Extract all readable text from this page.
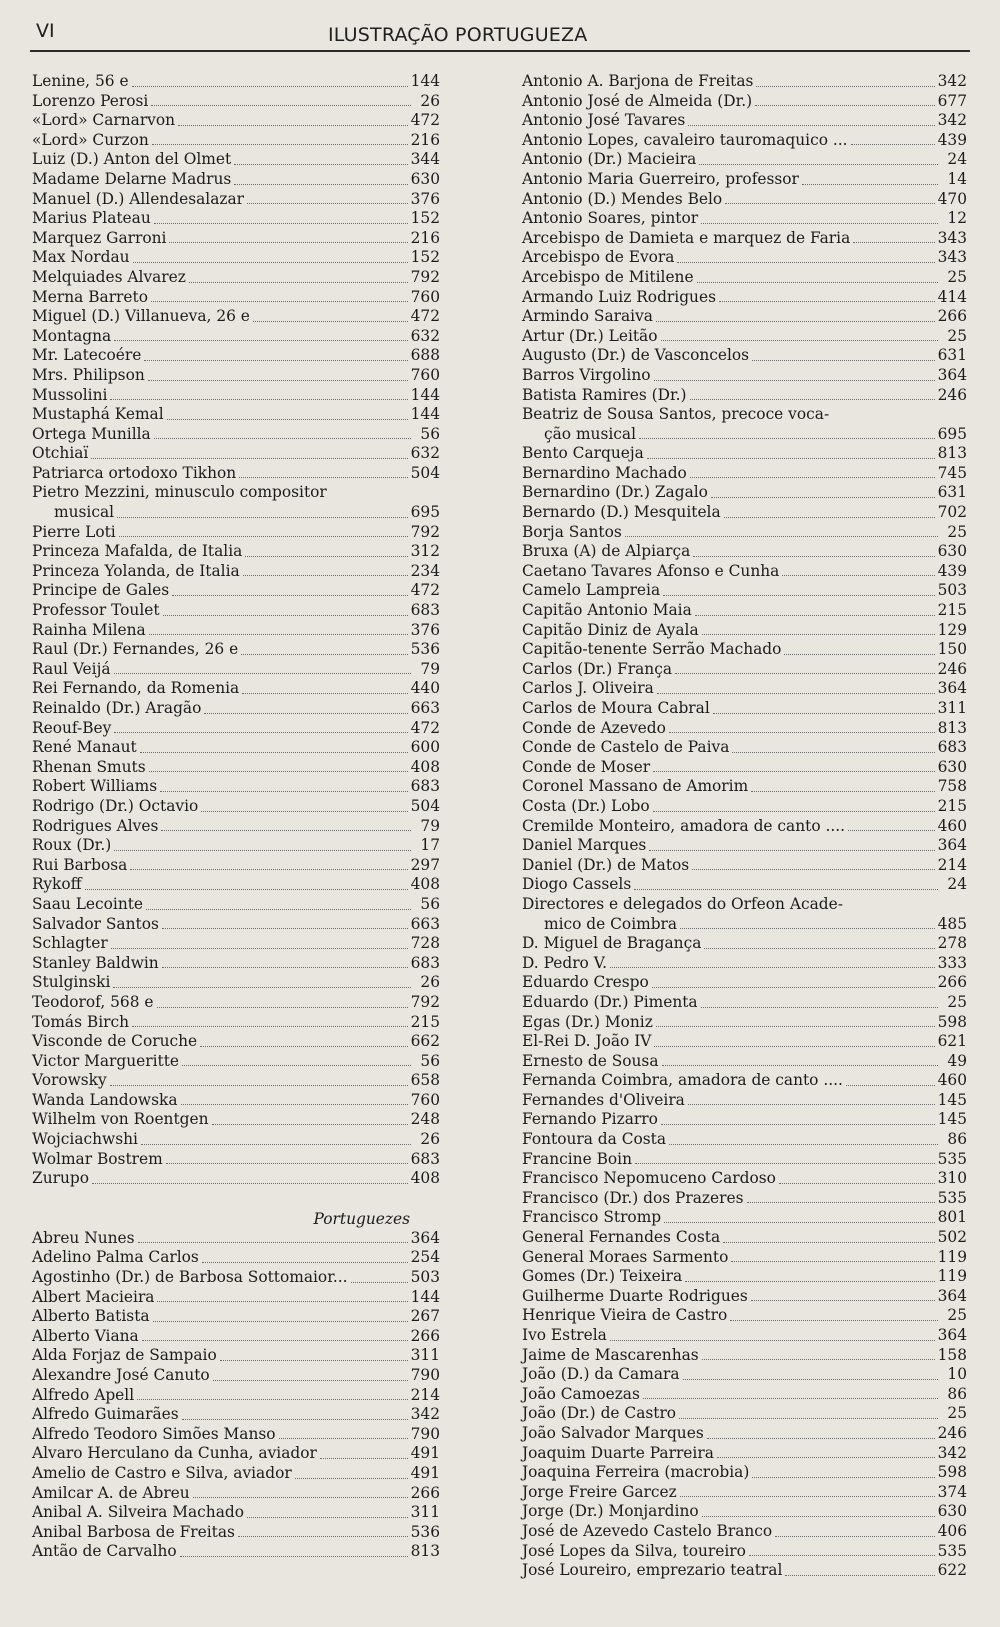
VI	ILUSTRAÇÃO PORTUGUEZA
Lenine, 56 e	144
Lorenzo Perosi	26
«Lord» Carnarvon	472
«Lord» Curzon	216
Luiz (D.) Anton del Olmet	344
Madame Delarne Madrus	630
Manuel (D.) Allendesalazar	376
Marius Plateau	152
Marquez Garroni	216
Max Nordau	152
Melquiades Alvarez	792
Merna Barreto	760
Miguel (D.) Villanueva, 26 e	472
Montagna	632
Mr. Latecoére	688
Mrs. Philipson	760
Mussolini	144
Mustaphá Kemal	144
Ortega Munilla	56
Otchiaï	632
Patriarca ortodoxo Tikhon	504
Pietro Mezzini, minusculo compositor
musical	695
Pierre Loti	792
Princeza Mafalda, de Italia	312
Princeza Yolanda, de Italia	234
Principe de Gales	472
Professor Toulet	683
Rainha Milena	376
Raul (Dr.) Fernandes, 26 e	536
Raul Veijá	79
Rei Fernando, da Romenia	440
Reinaldo (Dr.) Aragão	663
Reouf-Bey	472
René Manaut	600
Rhenan Smuts	408
Robert Williams	683
Rodrigo (Dr.) Octavio	504
Rodrigues Alves	79
Roux (Dr.)	17
Rui Barbosa	297
Rykoff	408
Saau Lecointe	56
Salvador Santos	663
Schlagter	728
Stanley Baldwin	683
Stulginski	26
Teodorof, 568 e	792
Tomás Birch	215
Visconde de Coruche	662
Victor Margueritte	56
Vorowsky	658
Wanda Landowska	760
Wilhelm von Roentgen	248
Wojciachwshi	26
Wolmar Bostrem	683
Zurupo	408
Portuguezes
Abreu Nunes	364
Adelino Palma Carlos	254
Agostinho (Dr.) de Barbosa Sottomaior...	503
Albert Macieira	144
Alberto Batista	267
Alberto Viana	266
Alda Forjaz de Sampaio	311
Alexandre José Canuto	790
Alfredo Apell	214
Alfredo Guimarães	342
Alfredo Teodoro Simões Manso	790
Alvaro Herculano da Cunha, aviador	491
Amelio de Castro e Silva, aviador	491
Amilcar A. de Abreu	266
Anibal A. Silveira Machado	311
Anibal Barbosa de Freitas	536
Antão de Carvalho	813
Antonio A. Barjona de Freitas	342
Antonio José de Almeida (Dr.)	677
Antonio José Tavares	342
Antonio Lopes, cavaleiro tauromaquico ...	439
Antonio (Dr.) Macieira	24
Antonio Maria Guerreiro, professor	14
Antonio (D.) Mendes Belo	470
Antonio Soares, pintor	12
Arcebispo de Damieta e marquez de Faria	343
Arcebispo de Evora	343
Arcebispo de Mitilene	25
Armando Luiz Rodrigues	414
Armindo Saraiva	266
Artur (Dr.) Leitão	25
Augusto (Dr.) de Vasconcelos	631
Barros Virgolino	364
Batista Ramires (Dr.)	246
Beatriz de Sousa Santos, precoce voca-
ção musical	695
Bento Carqueja	813
Bernardino Machado	745
Bernardino (Dr.) Zagalo	631
Bernardo (D.) Mesquitela	702
Borja Santos	25
Bruxa (A) de Alpiarça	630
Caetano Tavares Afonso e Cunha	439
Camelo Lampreia	503
Capitão Antonio Maia	215
Capitão Diniz de Ayala	129
Capitão-tenente Serrão Machado	150
Carlos (Dr.) França	246
Carlos J. Oliveira	364
Carlos de Moura Cabral	311
Conde de Azevedo	813
Conde de Castelo de Paiva	683
Conde de Moser	630
Coronel Massano de Amorim	758
Costa (Dr.) Lobo	215
Cremilde Monteiro, amadora de canto ....	460
Daniel Marques	364
Daniel (Dr.) de Matos	214
Diogo Cassels	24
Directores e delegados do Orfeon Acade-
mico de Coimbra	485
D. Miguel de Bragança	278
D. Pedro V.	333
Eduardo Crespo	266
Eduardo (Dr.) Pimenta	25
Egas (Dr.) Moniz	598
El-Rei D. João IV	621
Ernesto de Sousa	49
Fernanda Coimbra, amadora de canto ....	460
Fernandes d'Oliveira	145
Fernando Pizarro	145
Fontoura da Costa	86
Francine Boin	535
Francisco Nepomuceno Cardoso	310
Francisco (Dr.) dos Prazeres	535
Francisco Stromp	801
General Fernandes Costa	502
General Moraes Sarmento	119
Gomes (Dr.) Teixeira	119
Guilherme Duarte Rodrigues	364
Henrique Vieira de Castro	25
Ivo Estrela	364
Jaime de Mascarenhas	158
João (D.) da Camara	10
João Camoezas	86
João (Dr.) de Castro	25
João Salvador Marques	246
Joaquim Duarte Parreira	342
Joaquina Ferreira (macrobia)	598
Jorge Freire Garcez	374
Jorge (Dr.) Monjardino	630
José de Azevedo Castelo Branco	406
José Lopes da Silva, toureiro	535
José Loureiro, emprezario teatral	622
